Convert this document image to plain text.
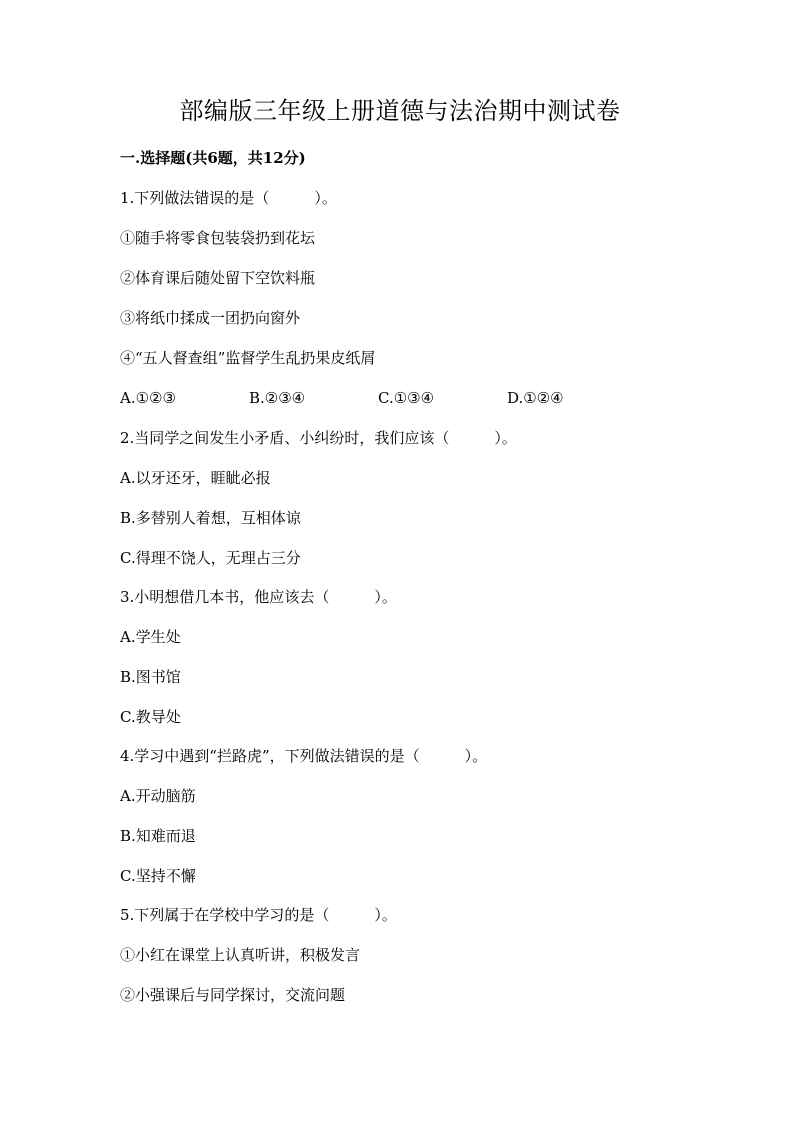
部编版三年级上册道德与法治期中测试卷
一.选择题(共6题，共12分)
1.下列做法错误的是（　　　）。
①随手将零食包装袋扔到花坛
②体育课后随处留下空饮料瓶
③将纸巾揉成一团扔向窗外
④“五人督查组”监督学生乱扔果皮纸屑
A.①②③	B.②③④	C.①③④	D.①②④
2.当同学之间发生小矛盾、小纠纷时，我们应该（　　　）。
A.以牙还牙，睚眦必报
B.多替别人着想，互相体谅
C.得理不饶人，无理占三分
3.小明想借几本书，他应该去（　　　）。
A.学生处
B.图书馆
C.教导处
4.学习中遇到“拦路虎”，下列做法错误的是（　　　）。
A.开动脑筋
B.知难而退
C.坚持不懈
5.下列属于在学校中学习的是（　　　）。
①小红在课堂上认真听讲，积极发言
②小强课后与同学探讨，交流问题
